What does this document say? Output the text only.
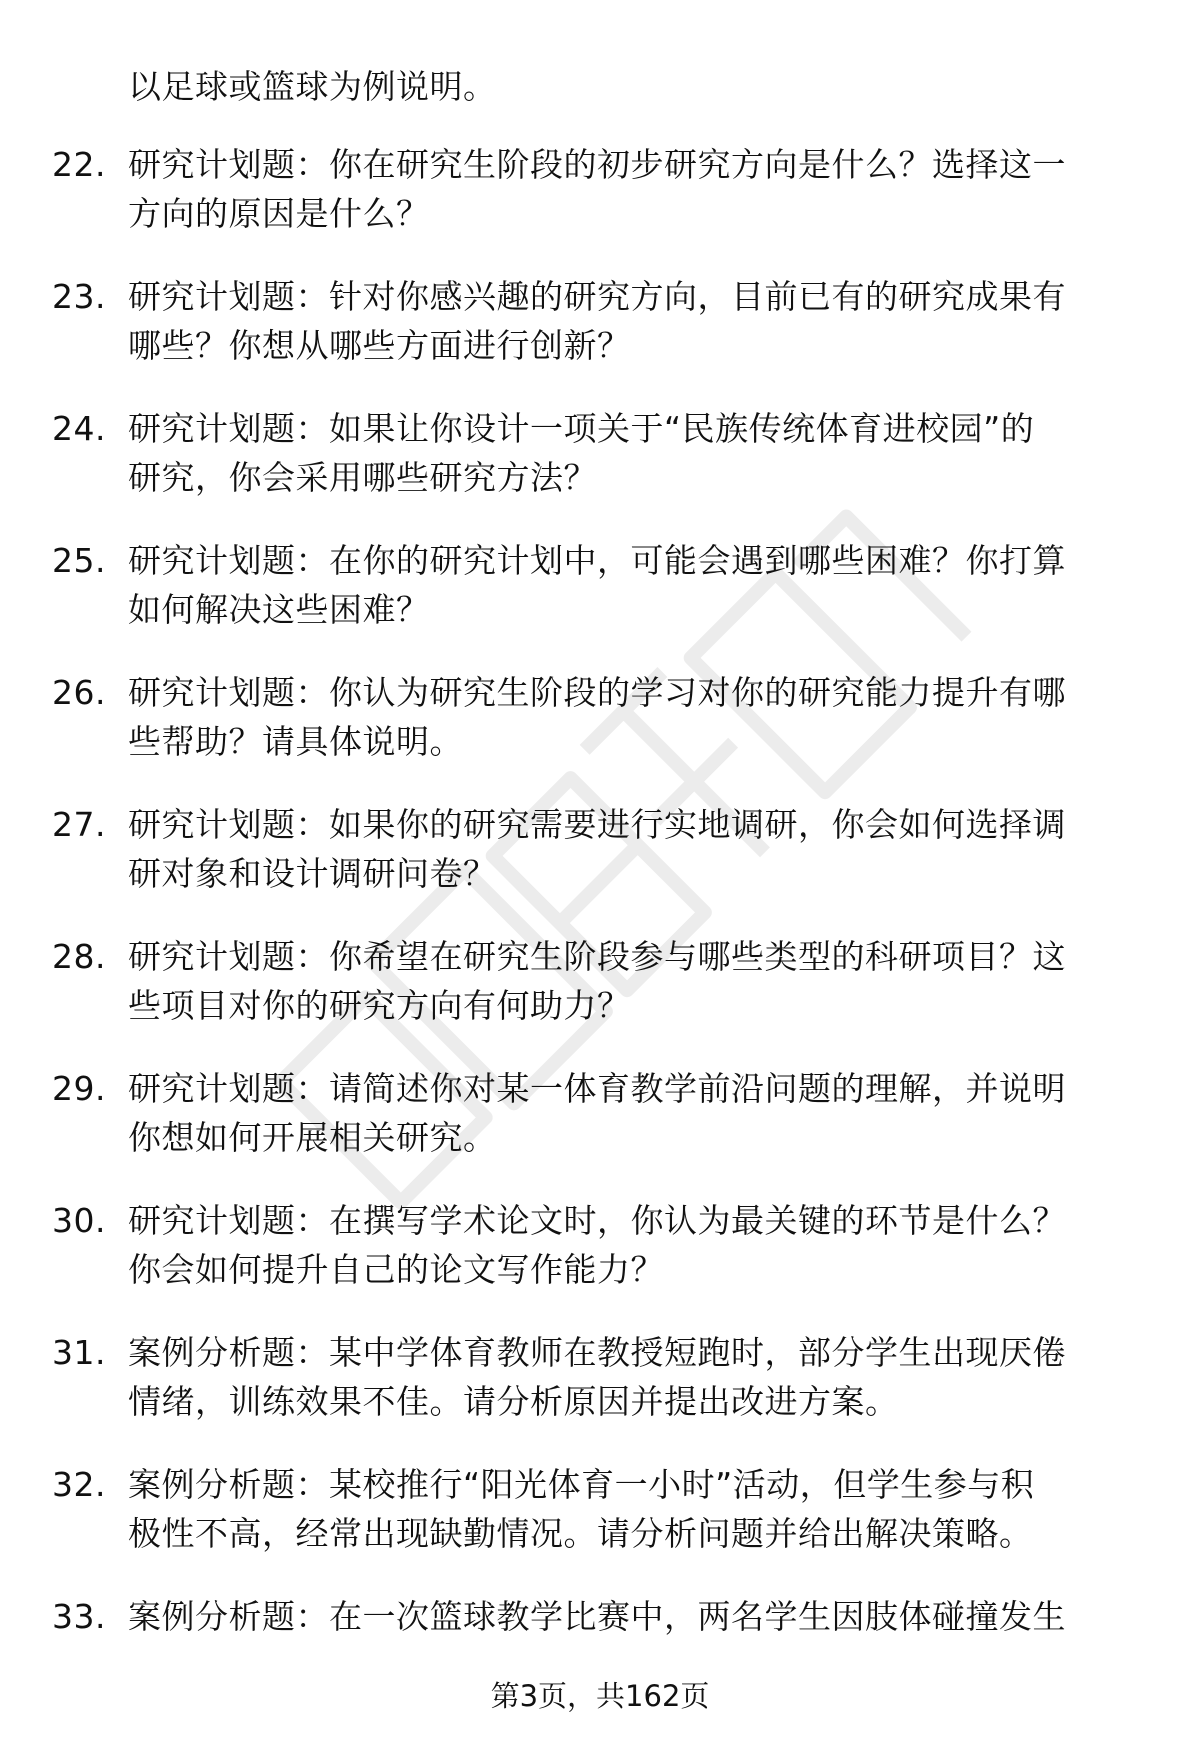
以足球或篮球为例说明。
22. 研究计划题：你在研究生阶段的初步研究方向是什么？选择这一
方向的原因是什么？
23. 研究计划题：针对你感兴趣的研究方向，目前已有的研究成果有
哪些？你想从哪些方面进行创新？
24. 研究计划题：如果让你设计一项关于“民族传统体育进校园”的
研究，你会采用哪些研究方法？
25. 研究计划题：在你的研究计划中，可能会遇到哪些困难？你打算
如何解决这些困难？
26. 研究计划题：你认为研究生阶段的学习对你的研究能力提升有哪
些帮助？请具体说明。
27. 研究计划题：如果你的研究需要进行实地调研，你会如何选择调
研对象和设计调研问卷？
28. 研究计划题：你希望在研究生阶段参与哪些类型的科研项目？这
些项目对你的研究方向有何助力？
29. 研究计划题：请简述你对某一体育教学前沿问题的理解，并说明
你想如何开展相关研究。
30. 研究计划题：在撰写学术论文时，你认为最关键的环节是什么？
你会如何提升自己的论文写作能力？
31. 案例分析题：某中学体育教师在教授短跑时，部分学生出现厌倦
情绪，训练效果不佳。请分析原因并提出改进方案。
32. 案例分析题：某校推行“阳光体育一小时”活动，但学生参与积
极性不高，经常出现缺勤情况。请分析问题并给出解决策略。
33. 案例分析题：在一次篮球教学比赛中，两名学生因肢体碰撞发生
第3页，共162页
